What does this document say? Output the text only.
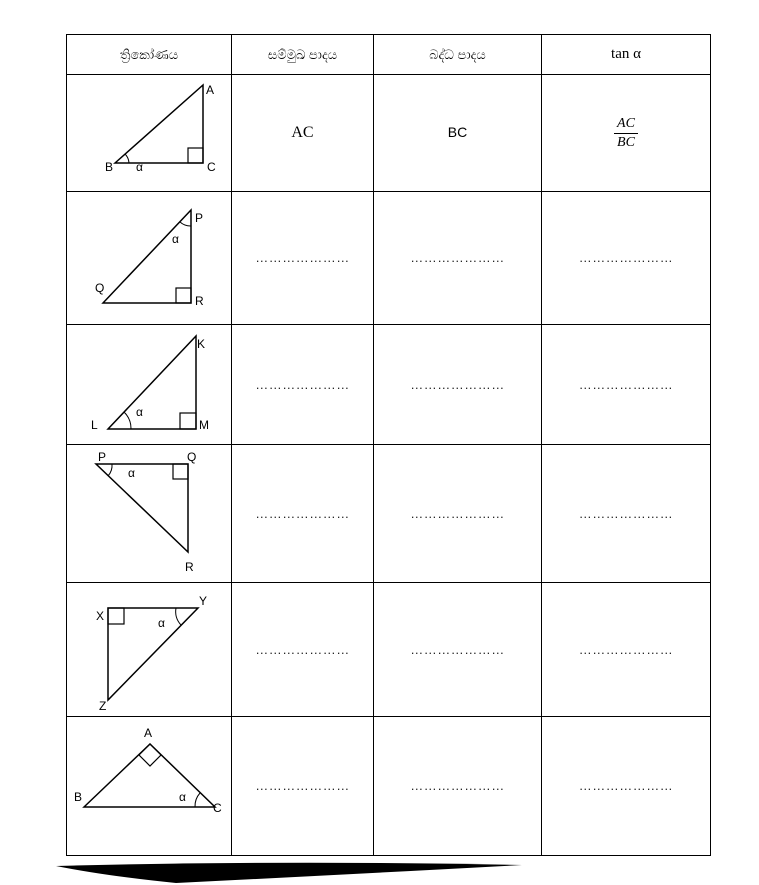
ත්‍රිකෝණය	සම්මුඛ පාදය	බද්ධ පාදය	tan α

A
B C
α	AC	BC	$\frac{AC}{BC}$

P
Q
R
α	…………………	…………………	…………………

K
L M
α	…………………	…………………	…………………

P Q
R
α	…………………	…………………	…………………

X
Y
Z
α	…………………	…………………	…………………

A
B
C
α	…………………	…………………	…………………
